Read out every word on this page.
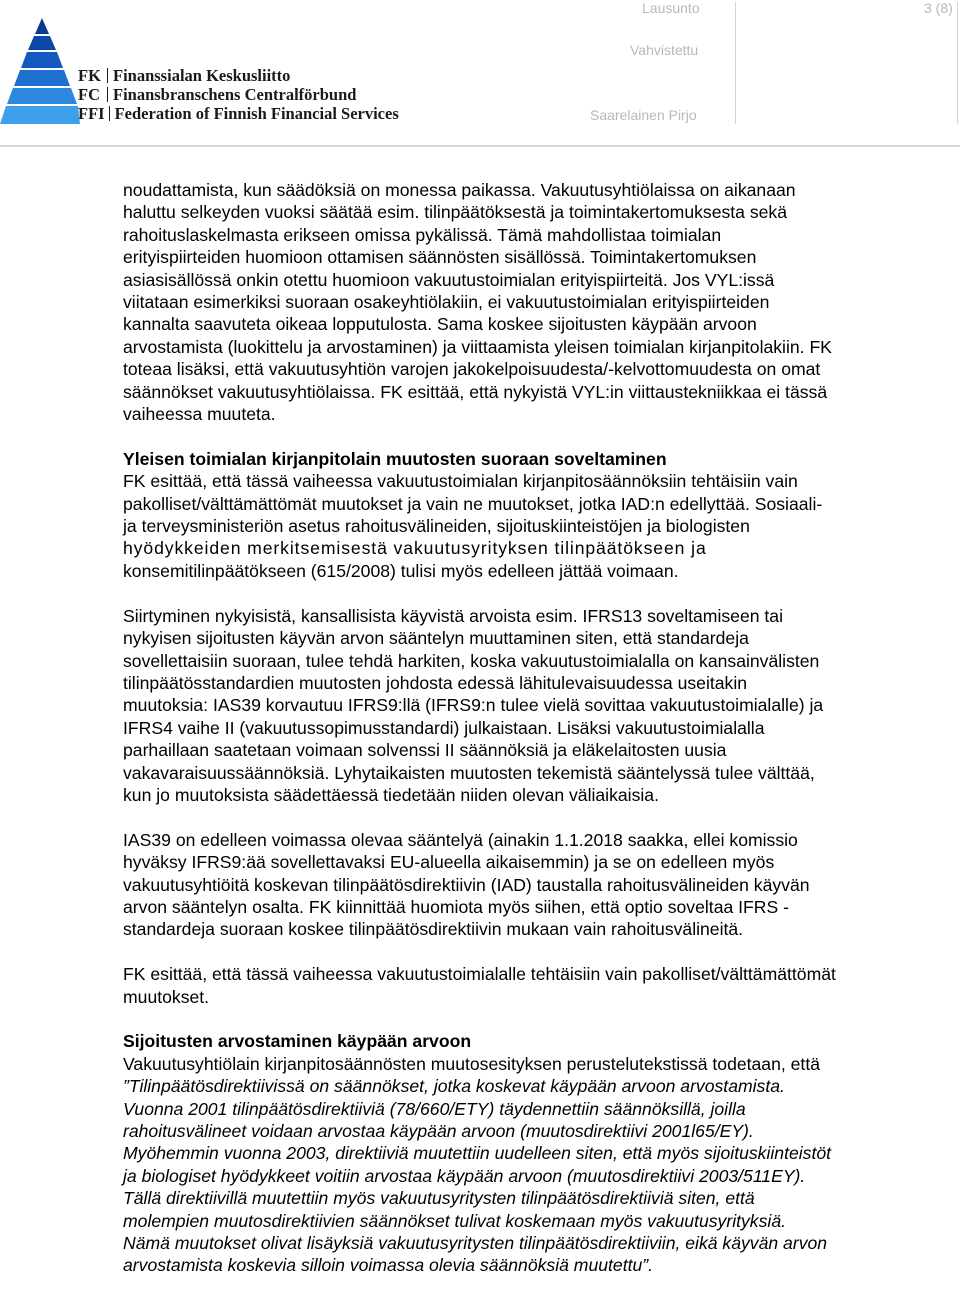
FK Finanssialan Keskusliitto
FC Finansbranschens Centralförbund
FFI Federation of Finnish Financial Services
Lausunto
Vahvistettu
Saarelainen Pirjo
3 (8)

noudattamista, kun säädöksiä on monessa paikassa. Vakuutusyhtiölaissa on aikanaan

haluttu selkeyden vuoksi säätää esim. tilinpäätöksestä ja toimintakertomuksesta sekä

rahoituslaskelmasta erikseen omissa pykälissä. Tämä mahdollistaa toimialan

erityispiirteiden huomioon ottamisen säännösten sisällössä. Toimintakertomuksen

asiasisällössä onkin otettu huomioon vakuutustoimialan erityispiirteitä. Jos VYL:issä

viitataan esimerkiksi suoraan osakeyhtiölakiin, ei vakuutustoimialan erityispiirteiden

kannalta saavuteta oikeaa lopputulosta. Sama koskee sijoitusten käypään arvoon

arvostamista (luokittelu ja arvostaminen) ja viittaamista yleisen toimialan kirjanpitolakiin. FK

toteaa lisäksi, että vakuutusyhtiön varojen jakokelpoisuudesta/-kelvottomuudesta on omat

säännökset vakuutusyhtiölaissa. FK esittää, että nykyistä VYL:in viittaustekniikkaa ei tässä

vaiheessa muuteta.

Yleisen toimialan kirjanpitolain muutosten suoraan soveltaminen

FK esittää, että tässä vaiheessa vakuutustoimialan kirjanpitosäännöksiin tehtäisiin vain

pakolliset/välttämättömät muutokset ja vain ne muutokset, jotka IAD:n edellyttää. Sosiaali-

ja terveysministeriön asetus rahoitusvälineiden, sijoituskiinteistöjen ja biologisten

hyödykkeiden merkitsemisestä vakuutusyrityksen tilinpäätökseen ja

konsemitilinpäätökseen (615/2008) tulisi myös edelleen jättää voimaan.

Siirtyminen nykyisistä, kansallisista käyvistä arvoista esim. IFRS13 soveltamiseen tai

nykyisen sijoitusten käyvän arvon sääntelyn muuttaminen siten, että standardeja

sovellettaisiin suoraan, tulee tehdä harkiten, koska vakuutustoimialalla on kansainvälisten

tilinpäätösstandardien muutosten johdosta edessä lähitulevaisuudessa useitakin

muutoksia: IAS39 korvautuu IFRS9:llä (IFRS9:n tulee vielä sovittaa vakuutustoimialalle) ja

IFRS4 vaihe II (vakuutussopimusstandardi) julkaistaan. Lisäksi vakuutustoimialalla

parhaillaan saatetaan voimaan solvenssi II säännöksiä ja eläkelaitosten uusia

vakavaraisuussäännöksiä. Lyhytaikaisten muutosten tekemistä sääntelyssä tulee välttää,

kun jo muutoksista säädettäessä tiedetään niiden olevan väliaikaisia.

IAS39 on edelleen voimassa olevaa sääntelyä (ainakin 1.1.2018 saakka, ellei komissio

hyväksy IFRS9:ää sovellettavaksi EU-alueella aikaisemmin) ja se on edelleen myös

vakuutusyhtiöitä koskevan tilinpäätösdirektiivin (IAD) taustalla rahoitusvälineiden käyvän

arvon sääntelyn osalta. FK kiinnittää huomiota myös siihen, että optio soveltaa IFRS -

standardeja suoraan koskee tilinpäätösdirektiivin mukaan vain rahoitusvälineitä.

FK esittää, että tässä vaiheessa vakuutustoimialalle tehtäisiin vain pakolliset/välttämättömät

muutokset.

Sijoitusten arvostaminen käypään arvoon

Vakuutusyhtiölain kirjanpitosäännösten muutosesityksen perustelutekstissä todetaan, että

”Tilinpäätösdirektiivissä on säännökset, jotka koskevat käypään arvoon arvostamista.

Vuonna 2001 tilinpäätösdirektiiviä (78/660/ETY) täydennettiin säännöksillä, joilla

rahoitusvälineet voidaan arvostaa käypään arvoon (muutosdirektiivi 2001l65/EY).

Myöhemmin vuonna 2003, direktiiviä muutettiin uudelleen siten, että myös sijoituskiinteistöt

ja biologiset hyödykkeet voitiin arvostaa käypään arvoon (muutosdirektiivi 2003/511EY).

Tällä direktiivillä muutettiin myös vakuutusyritysten tilinpäätösdirektiiviä siten, että

molempien muutosdirektiivien säännökset tulivat koskemaan myös vakuutusyrityksiä.

Nämä muutokset olivat lisäyksiä vakuutusyritysten tilinpäätösdirektiiviin, eikä käyvän arvon

arvostamista koskevia silloin voimassa olevia säännöksiä muutettu”.
